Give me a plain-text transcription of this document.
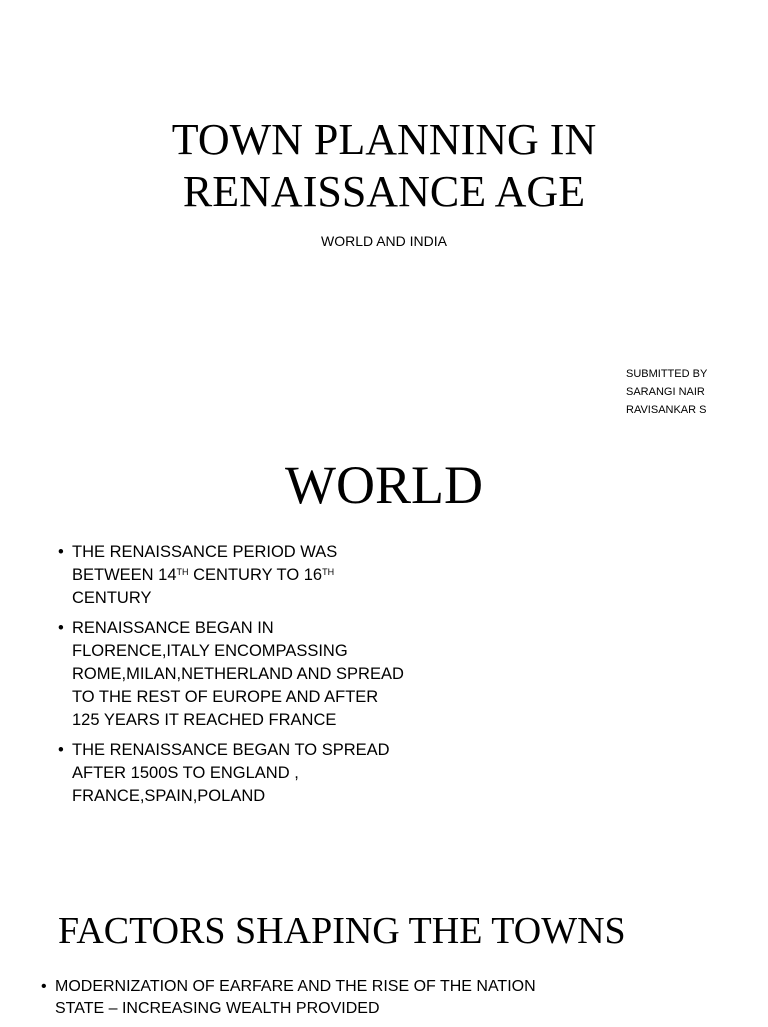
TOWN PLANNING IN
RENAISSANCE AGE
WORLD AND INDIA
SUBMITTED BY
SARANGI NAIR
RAVISANKAR S
WORLD
• THE RENAISSANCE PERIOD WAS
BETWEEN 14TH CENTURY TO 16TH
CENTURY
• RENAISSANCE BEGAN IN FLORENCE,ITALY ENCOMPASSING ROME,MILAN,NETHERLAND AND SPREAD TO THE REST OF EUROPE AND AFTER 125 YEARS IT REACHED FRANCE
• THE RENAISSANCE BEGAN TO SPREAD AFTER 1500S TO ENGLAND , FRANCE,SPAIN,POLAND
FACTORS SHAPING THE TOWNS
• MODERNIZATION OF EARFARE AND THE RISE OF THE NATION STATE – INCREASING WEALTH PROVIDED
